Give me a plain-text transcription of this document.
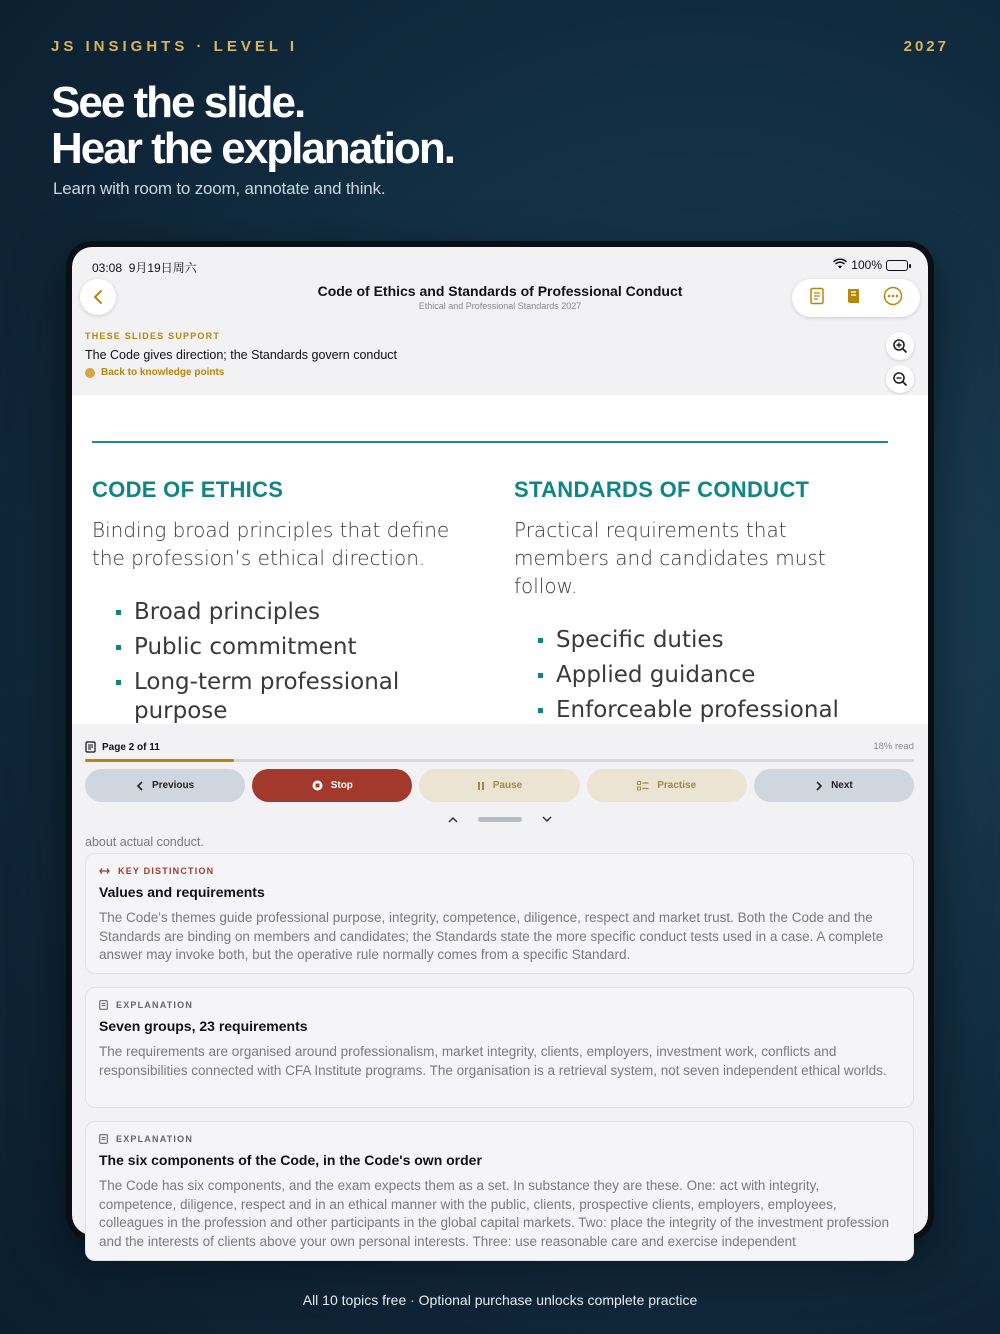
JS INSIGHTS · LEVEL I	2027
See the slide.
Hear the explanation.
Learn with room to zoom, annotate and think.
03:08 9月19日周六	100%
Code of Ethics and Standards of Professional Conduct
Ethical and Professional Standards 2027
THESE SLIDES SUPPORT
The Code gives direction; the Standards govern conduct
Back to knowledge points
CODE OF ETHICS
Binding broad principles that define the profession’s ethical direction.
Broad principles
Public commitment
Long-term professional purpose
STANDARDS OF CONDUCT
Practical requirements that members and candidates must follow.
Specific duties
Applied guidance
Enforceable professional
Page 2 of 11	18% read
Previous	Stop	Pause	Practise	Next
about actual conduct.
KEY DISTINCTION
Values and requirements
The Code's themes guide professional purpose, integrity, competence, diligence, respect and market trust. Both the Code and the Standards are binding on members and candidates; the Standards state the more specific conduct tests used in a case. A complete answer may invoke both, but the operative rule normally comes from a specific Standard.
EXPLANATION
Seven groups, 23 requirements
The requirements are organised around professionalism, market integrity, clients, employers, investment work, conflicts and responsibilities connected with CFA Institute programs. The organisation is a retrieval system, not seven independent ethical worlds.
EXPLANATION
The six components of the Code, in the Code's own order
The Code has six components, and the exam expects them as a set. In substance they are these. One: act with integrity, competence, diligence, respect and in an ethical manner with the public, clients, prospective clients, employers, employees, colleagues in the profession and other participants in the global capital markets. Two: place the integrity of the investment profession and the interests of clients above your own personal interests. Three: use reasonable care and exercise independent
All 10 topics free · Optional purchase unlocks complete practice
